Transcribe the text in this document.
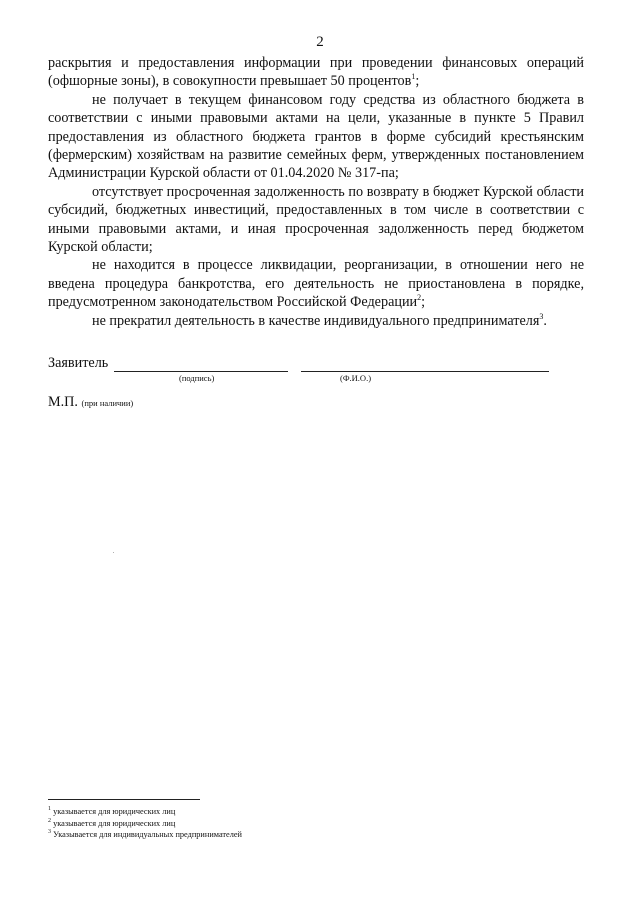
2

раскрытия и предоставления информации при проведении финансовых операций (офшорные зоны), в совокупности превышает 50 процентов$^1$;

не получает в текущем финансовом году средства из областного бюджета в соответствии с иными правовыми актами на цели, указанные в пункте 5 Правил предоставления из областного бюджета грантов в форме субсидий крестьянским (фермерским) хозяйствам на развитие семейных ферм, утвержденных постановлением Администрации Курской области от 01.04.2020 № 317-па;

отсутствует просроченная задолженность по возврату в бюджет Курской области субсидий, бюджетных инвестиций, предоставленных в том числе в соответствии с иными правовыми актами, и иная просроченная задолженность перед бюджетом Курской области;

не находится в процессе ликвидации, реорганизации, в отношении него не введена процедура банкротства, его деятельность не приостановлена в порядке, предусмотренном законодательством Российской Федерации$^2$;

не прекратил деятельность в качестве индивидуального предпринимателя$^3$.

Заявитель
(подпись)	(Ф.И.О.)
М.П. (при наличии)

$^1$ указывается для юридических лиц

$^2$ указывается для юридических лиц

$^3$ Указывается для индивидуальных предпринимателей
